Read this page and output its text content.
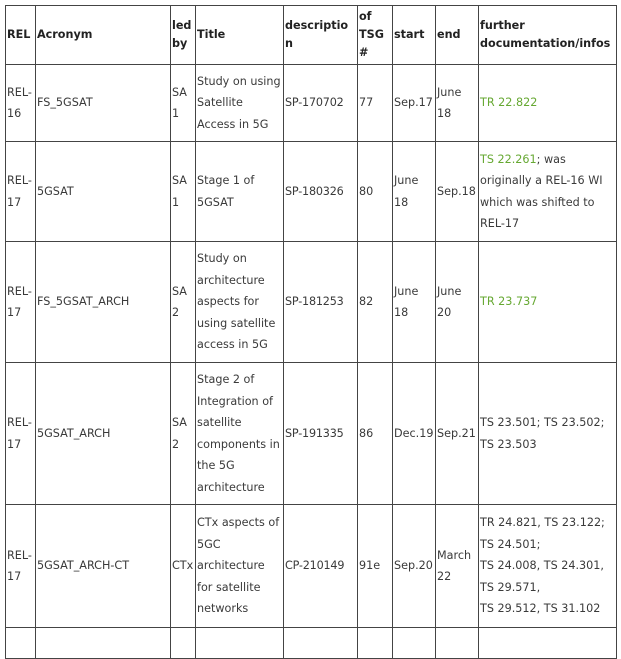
REL	Acronym	led by	Title	description	of TSG#	start	end	further documentation/infos
REL-16	FS_5GSAT	SA1	Study on using Satellite Access in 5G	SP-170702	77	Sep.17	June 18	TR 22.822
REL-17	5GSAT	SA1	Stage 1 of 5GSAT	SP-180326	80	June 18	Sep.18	TS 22.261; was originally a REL-16 WI which was shifted to REL-17
REL-17	FS_5GSAT_ARCH	SA2	Study on architecture aspects for using satellite access in 5G	SP-181253	82	June 18	June 20	TR 23.737
REL-17	5GSAT_ARCH	SA2	Stage 2 of Integration of satellite components in the 5G architecture	SP-191335	86	Dec.19	Sep.21	TS 23.501; TS 23.502; TS 23.503
REL-17	5GSAT_ARCH-CT	CTx	CTx aspects of 5GC architecture for satellite networks	CP-210149	91e	Sep.20	March 22	TR 24.821, TS 23.122; TS 24.501;
TS 24.008, TS 24.301, TS 29.571,
TS 29.512, TS 31.102
